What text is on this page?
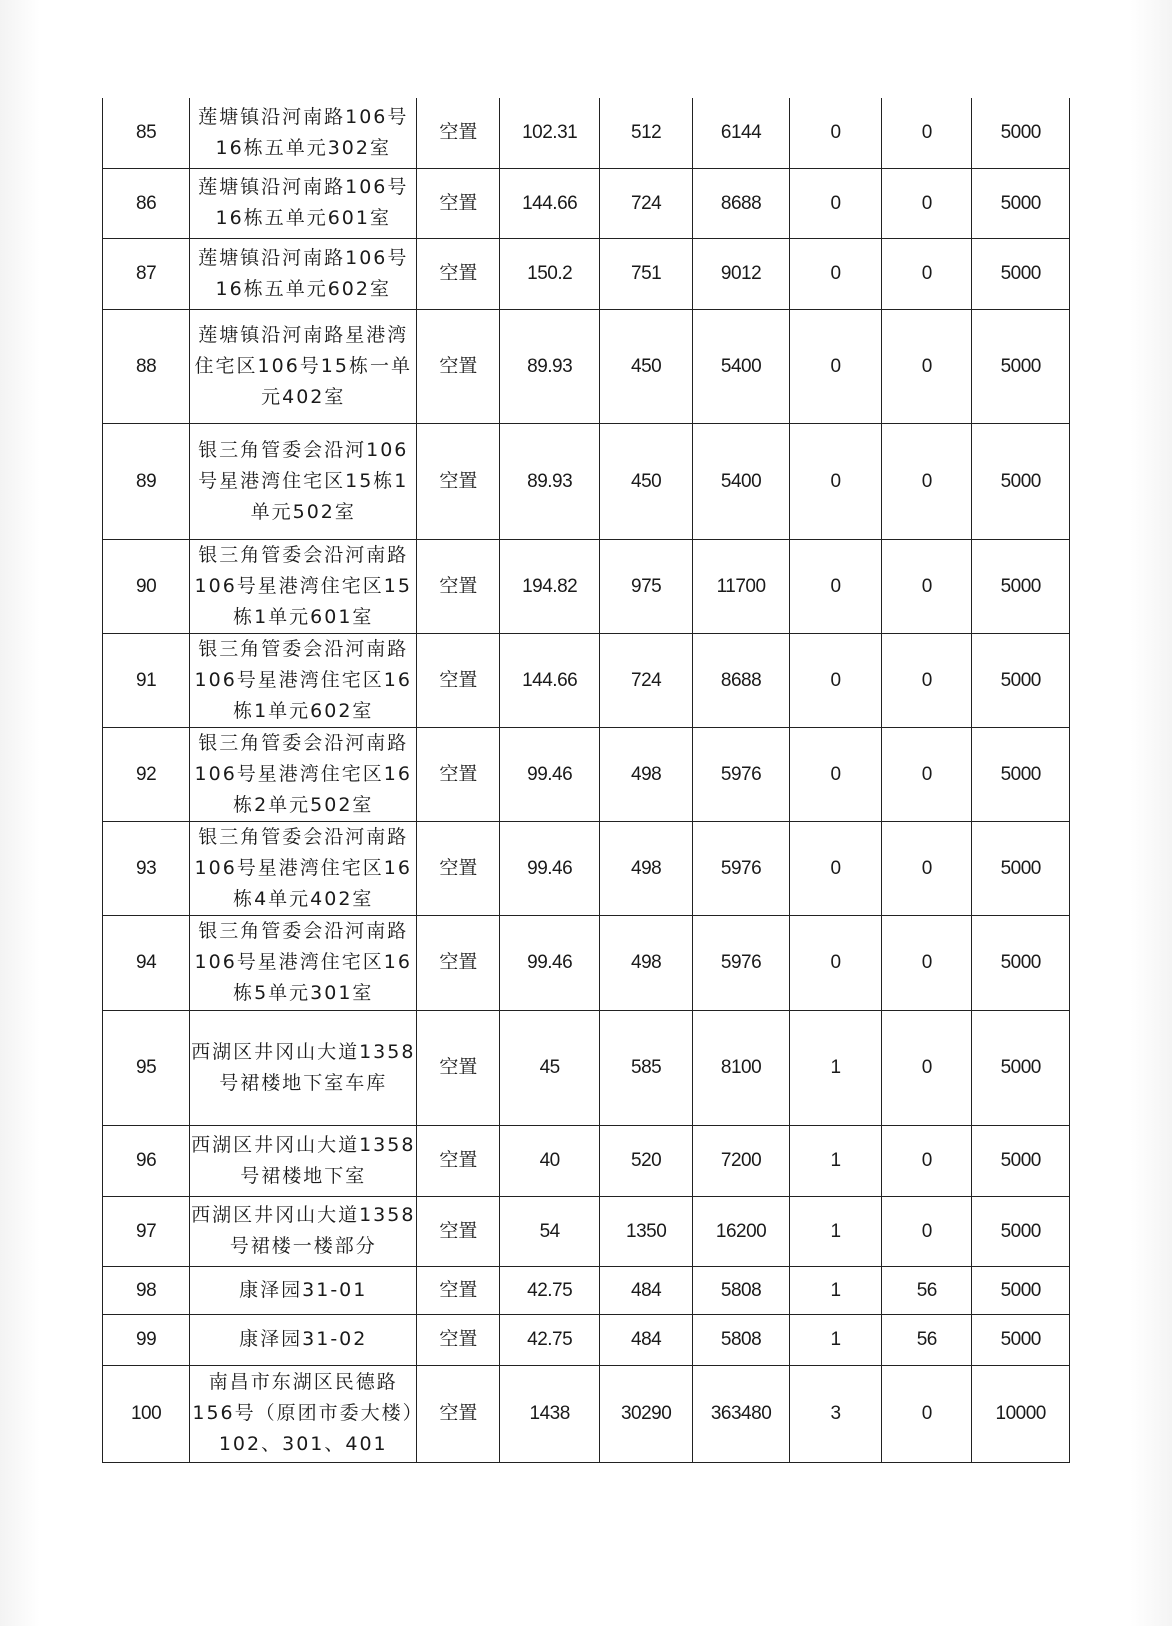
85	莲塘镇沿河南路106号16栋五单元302室	空置	102.31	512	6144	0	0	5000
86	莲塘镇沿河南路106号16栋五单元601室	空置	144.66	724	8688	0	0	5000
87	莲塘镇沿河南路106号16栋五单元602室	空置	150.2	751	9012	0	0	5000
88	莲塘镇沿河南路星港湾住宅区106号15栋一单元402室	空置	89.93	450	5400	0	0	5000
89	银三角管委会沿河106号星港湾住宅区15栋1单元502室	空置	89.93	450	5400	0	0	5000
90	银三角管委会沿河南路106号星港湾住宅区15栋1单元601室	空置	194.82	975	11700	0	0	5000
91	银三角管委会沿河南路106号星港湾住宅区16栋1单元602室	空置	144.66	724	8688	0	0	5000
92	银三角管委会沿河南路106号星港湾住宅区16栋2单元502室	空置	99.46	498	5976	0	0	5000
93	银三角管委会沿河南路106号星港湾住宅区16栋4单元402室	空置	99.46	498	5976	0	0	5000
94	银三角管委会沿河南路106号星港湾住宅区16栋5单元301室	空置	99.46	498	5976	0	0	5000
95	西湖区井冈山大道1358号裙楼地下室车库	空置	45	585	8100	1	0	5000
96	西湖区井冈山大道1358号裙楼地下室	空置	40	520	7200	1	0	5000
97	西湖区井冈山大道1358号裙楼一楼部分	空置	54	1350	16200	1	0	5000
98	康泽园31-01	空置	42.75	484	5808	1	56	5000
99	康泽园31-02	空置	42.75	484	5808	1	56	5000
100	南昌市东湖区民德路156号（原团市委大楼）102、301、401	空置	1438	30290	363480	3	0	10000
